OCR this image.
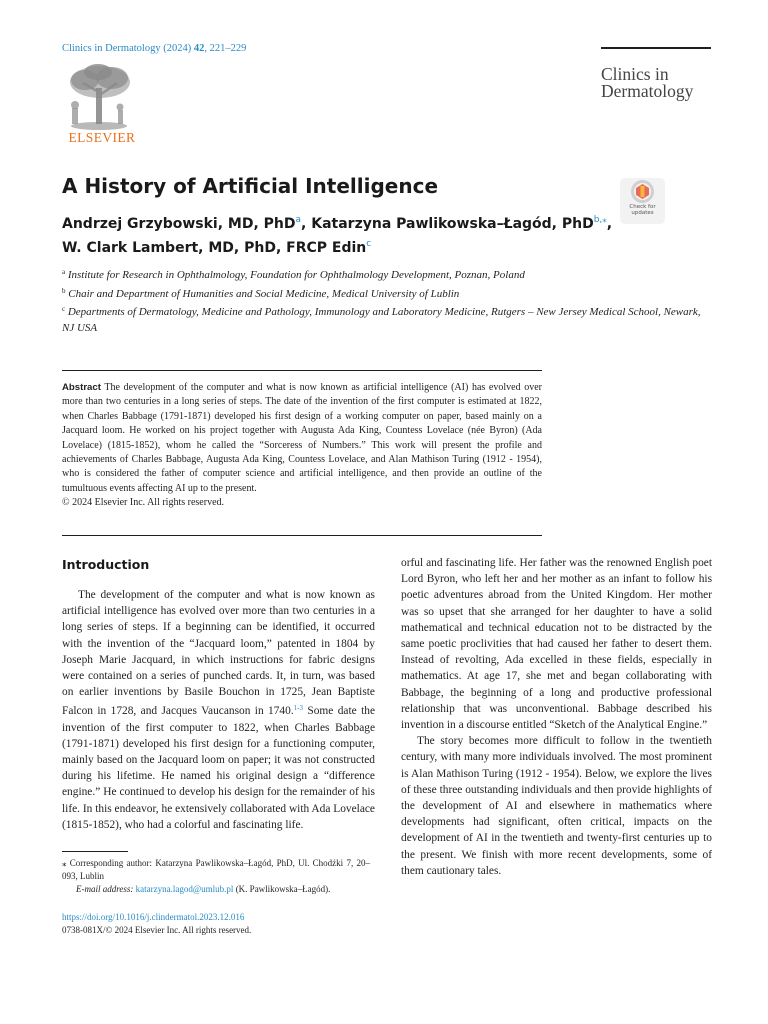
Clinics in Dermatology (2024) 42, 221–229
ELSEVIER
Clinics in
Dermatology
A History of Artificial Intelligence
Check for updates
Andrzej Grzybowski, MD, PhD$^a$, Katarzyna Pawlikowska–Łagód, PhD$^{b,⁎}$,
W. Clark Lambert, MD, PhD, FRCP Edin$^c$
$^a$ Institute for Research in Ophthalmology, Foundation for Ophthalmology Development, Poznan, Poland
$^b$ Chair and Department of Humanities and Social Medicine, Medical University of Lublin
$^c$ Departments of Dermatology, Medicine and Pathology, Immunology and Laboratory Medicine, Rutgers – New Jersey Medical School, Newark, NJ USA
Abstract The development of the computer and what is now known as artificial intelligence (AI) has evolved over more than two centuries in a long series of steps. The date of the invention of the first computer is estimated at 1822, when Charles Babbage (1791-1871) developed his first design of a working computer on paper, based mainly on a Jacquard loom. He worked on his project together with Augusta Ada King, Countess Lovelace (née Byron) (Ada Lovelace) (1815-1852), whom he called the “Sorceress of Numbers.” This work will present the profile and achievements of Charles Babbage, Augusta Ada King, Countess Lovelace, and Alan Mathison Turing (1912 - 1954), who is considered the father of computer science and artificial intelligence, and then provide an outline of the tumultuous events affecting AI up to the present.
© 2024 Elsevier Inc. All rights reserved.
Introduction

The development of the computer and what is now known as artificial intelligence has evolved over more than two centuries in a long series of steps. If a beginning can be identified, it occurred with the invention of the “Jacquard loom,” patented in 1804 by Joseph Marie Jacquard, in which instructions for fabric designs were contained on a series of punched cards. It, in turn, was based on earlier inventions by Basile Bouchon in 1725, Jean Baptiste Falcon in 1728, and Jacques Vaucanson in 1740.$^{1-3}$ Some date the invention of the first computer to 1822, when Charles Babbage (1791-1871) developed his first design for a functioning computer, mainly based on the Jacquard loom on paper; it was not constructed during his lifetime. He named his original design a “difference engine.” He continued to develop his design for the remainder of his life. In this endeavor, he extensively collaborated with Ada Lovelace (1815-1852), who had a colorful and fascinating life.

orful and fascinating life. Her father was the renowned English poet Lord Byron, who left her and her mother as an infant to follow his poetic adventures abroad from the United Kingdom. Her mother was so upset that she arranged for her daughter to have a solid mathematical and technical education not to be distracted by the same poetic proclivities that had caused her father to desert them. Instead of revolting, Ada excelled in these fields, especially in mathematics. At age 17, she met and began collaborating with Babbage, the beginning of a long and productive professional relationship that was unconventional. Babbage described his invention in a discourse entitled “Sketch of the Analytical Engine.”

The story becomes more difficult to follow in the twentieth century, with many more individuals involved. The most prominent is Alan Mathison Turing (1912 - 1954). Below, we explore the lives of these three outstanding individuals and then provide highlights of the development of AI and elsewhere in mathematics where developments had significant, often critical, impacts on the development of AI in the twentieth and twenty-first centuries up to the present. We finish with more recent developments, some of them cautionary tales.

⁎ Corresponding author: Katarzyna Pawlikowska–Łagód, PhD, Ul. Chodźki 7, 20–093, Lublin
E-mail address: katarzyna.lagod@umlub.pl (K. Pawlikowska–Łagód).
https://doi.org/10.1016/j.clindermatol.2023.12.016
0738-081X/© 2024 Elsevier Inc. All rights reserved.
